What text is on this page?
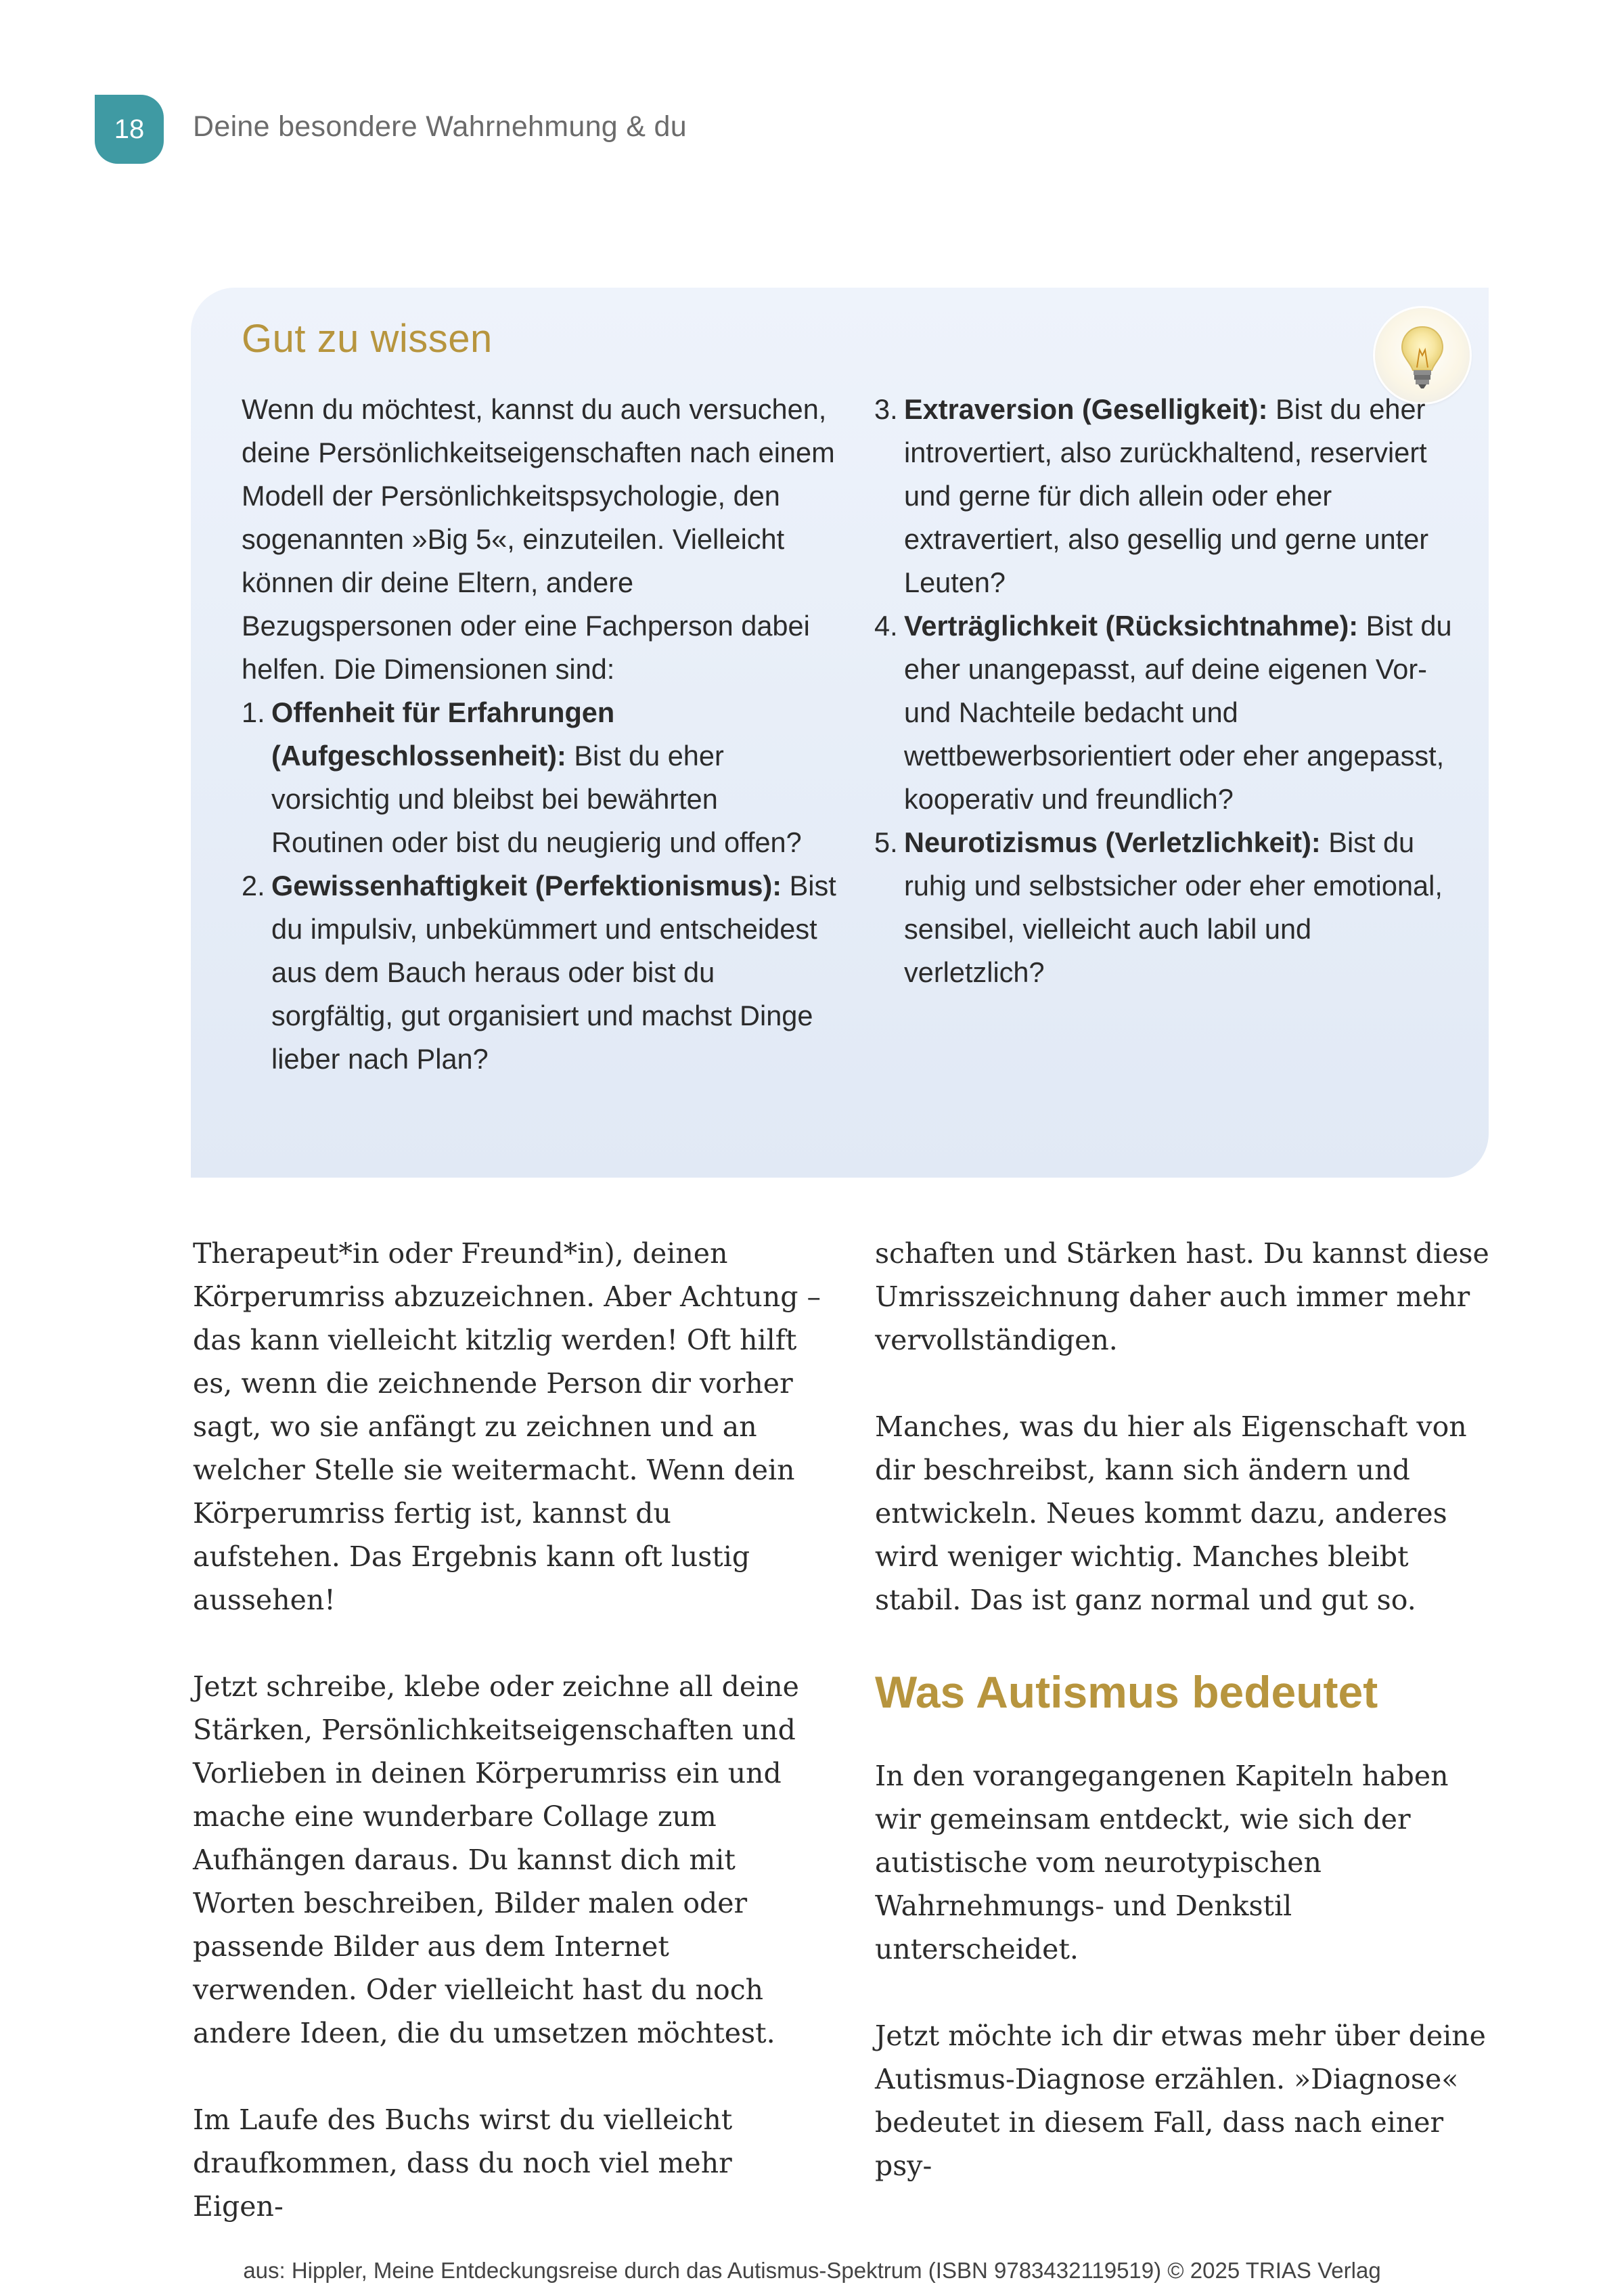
18	Deine besondere Wahrnehmung & du
Gut zu wissen

Wenn du möchtest, kannst du auch versuchen, deine Persönlichkeitseigenschaften nach einem Modell der Persönlichkeitspsychologie, den sogenannten »Big 5«, einzuteilen. Vielleicht können dir deine Eltern, andere Bezugspersonen oder eine Fachperson dabei helfen. Die Dimensionen sind:

1. Offenheit für Erfahrungen (Aufgeschlossenheit): Bist du eher vorsichtig und bleibst bei bewährten Routinen oder bist du neugierig und offen?
2. Gewissenhaftigkeit (Perfektionismus): Bist du impulsiv, unbekümmert und entscheidest aus dem Bauch heraus oder bist du sorgfältig, gut organisiert und machst Dinge lieber nach Plan?
3. Extraversion (Geselligkeit): Bist du eher introvertiert, also zurückhaltend, reserviert und gerne für dich allein oder eher extravertiert, also gesellig und gerne unter Leuten?
4. Verträglichkeit (Rücksichtnahme): Bist du eher unangepasst, auf deine eigenen Vor- und Nachteile bedacht und wettbewerbsorientiert oder eher angepasst, kooperativ und freundlich?
5. Neurotizismus (Verletzlichkeit): Bist du ruhig und selbstsicher oder eher emotional, sensibel, vielleicht auch labil und verletzlich?

Therapeut*in oder Freund*in), deinen Körperumriss abzuzeichnen. Aber Achtung – das kann vielleicht kitzlig werden! Oft hilft es, wenn die zeichnende Person dir vorher sagt, wo sie anfängt zu zeichnen und an welcher Stelle sie weitermacht. Wenn dein Körperumriss fertig ist, kannst du aufstehen. Das Ergebnis kann oft lustig aussehen!

Jetzt schreibe, klebe oder zeichne all deine Stärken, Persönlichkeitseigenschaften und Vorlieben in deinen Körperumriss ein und mache eine wunderbare Collage zum Aufhängen daraus. Du kannst dich mit Worten beschreiben, Bilder malen oder passende Bilder aus dem Internet verwenden. Oder vielleicht hast du noch andere Ideen, die du umsetzen möchtest.

Im Laufe des Buchs wirst du vielleicht draufkommen, dass du noch viel mehr Eigen-

schaften und Stärken hast. Du kannst diese Umrisszeichnung daher auch immer mehr vervollständigen.

Manches, was du hier als Eigenschaft von dir beschreibst, kann sich ändern und entwickeln. Neues kommt dazu, anderes wird weniger wichtig. Manches bleibt stabil. Das ist ganz normal und gut so.

Was Autismus bedeutet

In den vorangegangenen Kapiteln haben wir gemeinsam entdeckt, wie sich der autistische vom neurotypischen Wahrnehmungs- und Denkstil unterscheidet.

Jetzt möchte ich dir etwas mehr über deine Autismus-Diagnose erzählen. »Diagnose« bedeutet in diesem Fall, dass nach einer psy-

aus: Hippler, Meine Entdeckungsreise durch das Autismus-Spektrum (ISBN 9783432119519) © 2025 TRIAS Verlag
